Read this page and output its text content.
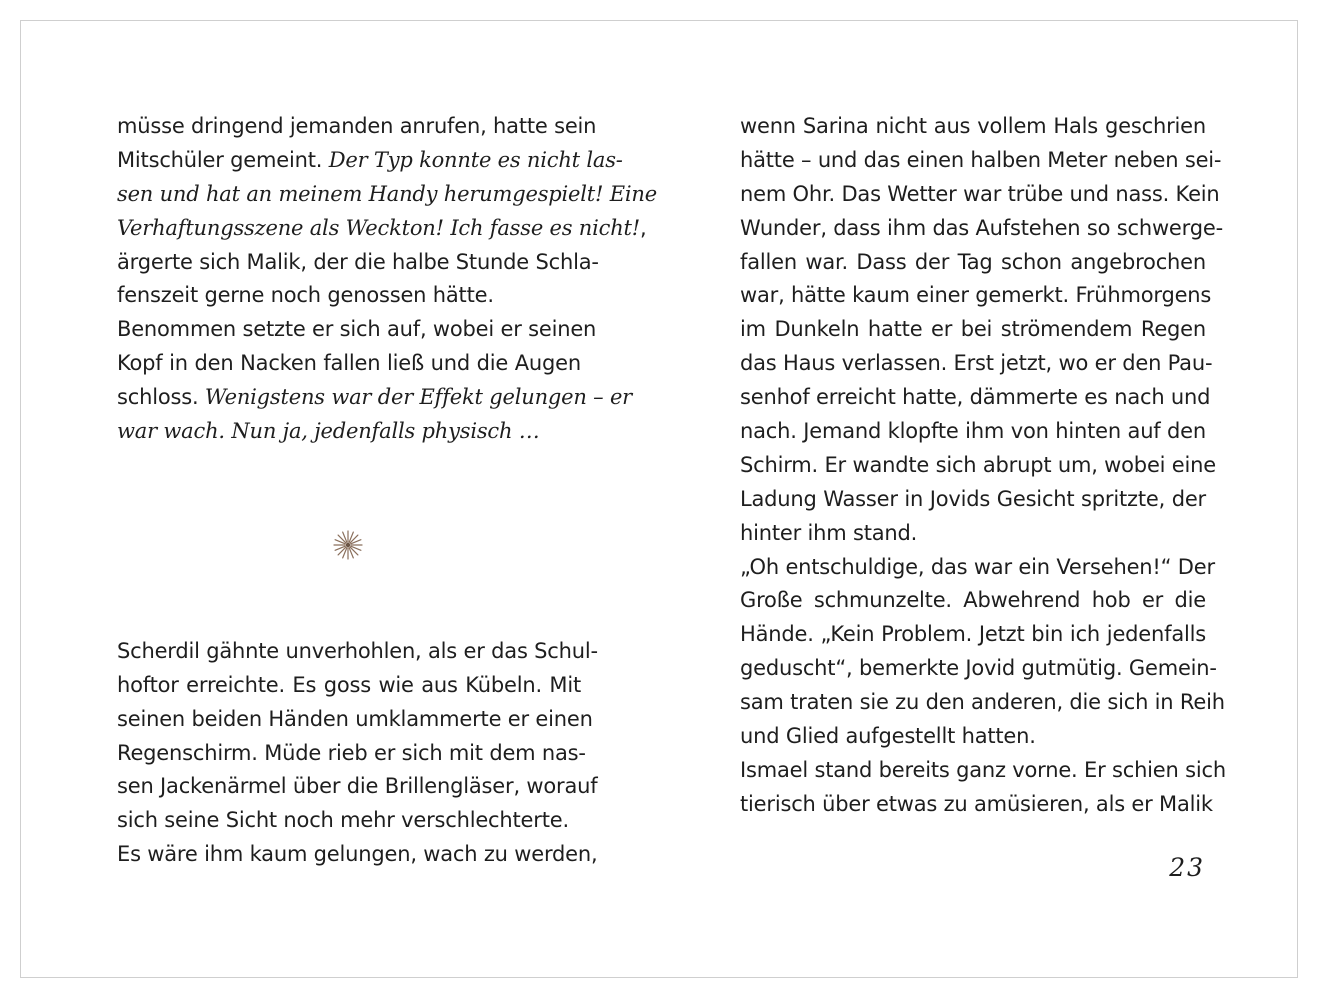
müsse dringend jemanden anrufen, hatte sein
Mitschüler gemeint. Der Typ konnte es nicht las-
sen und hat an meinem Handy herumgespielt! Eine
Verhaftungsszene als Weckton! Ich fasse es nicht!,
ärgerte sich Malik, der die halbe Stunde Schla-
fenszeit gerne noch genossen hätte.
Benommen setzte er sich auf, wobei er seinen
Kopf in den Nacken fallen ließ und die Augen
schloss. Wenigstens war der Effekt gelungen – er
war wach. Nun ja, jedenfalls physisch …
Scherdil gähnte unverhohlen, als er das Schul-
hoftor erreichte. Es goss wie aus Kübeln. Mit
seinen beiden Händen umklammerte er einen
Regenschirm. Müde rieb er sich mit dem nas-
sen Jackenärmel über die Brillengläser, worauf
sich seine Sicht noch mehr verschlechterte.
Es wäre ihm kaum gelungen, wach zu werden,
wenn Sarina nicht aus vollem Hals geschrien
hätte – und das einen halben Meter neben sei-
nem Ohr. Das Wetter war trübe und nass. Kein
Wunder, dass ihm das Aufstehen so schwerge-
fallen war. Dass der Tag schon angebrochen
war, hätte kaum einer gemerkt. Frühmorgens
im Dunkeln hatte er bei strömendem Regen
das Haus verlassen. Erst jetzt, wo er den Pau-
senhof erreicht hatte, dämmerte es nach und
nach. Jemand klopfte ihm von hinten auf den
Schirm. Er wandte sich abrupt um, wobei eine
Ladung Wasser in Jovids Gesicht spritzte, der
hinter ihm stand.
„Oh entschuldige, das war ein Versehen!“ Der
Große schmunzelte. Abwehrend hob er die
Hände. „Kein Problem. Jetzt bin ich jedenfalls
geduscht“, bemerkte Jovid gutmütig. Gemein-
sam traten sie zu den anderen, die sich in Reih
und Glied aufgestellt hatten.
Ismael stand bereits ganz vorne. Er schien sich
tierisch über etwas zu amüsieren, als er Malik
23
